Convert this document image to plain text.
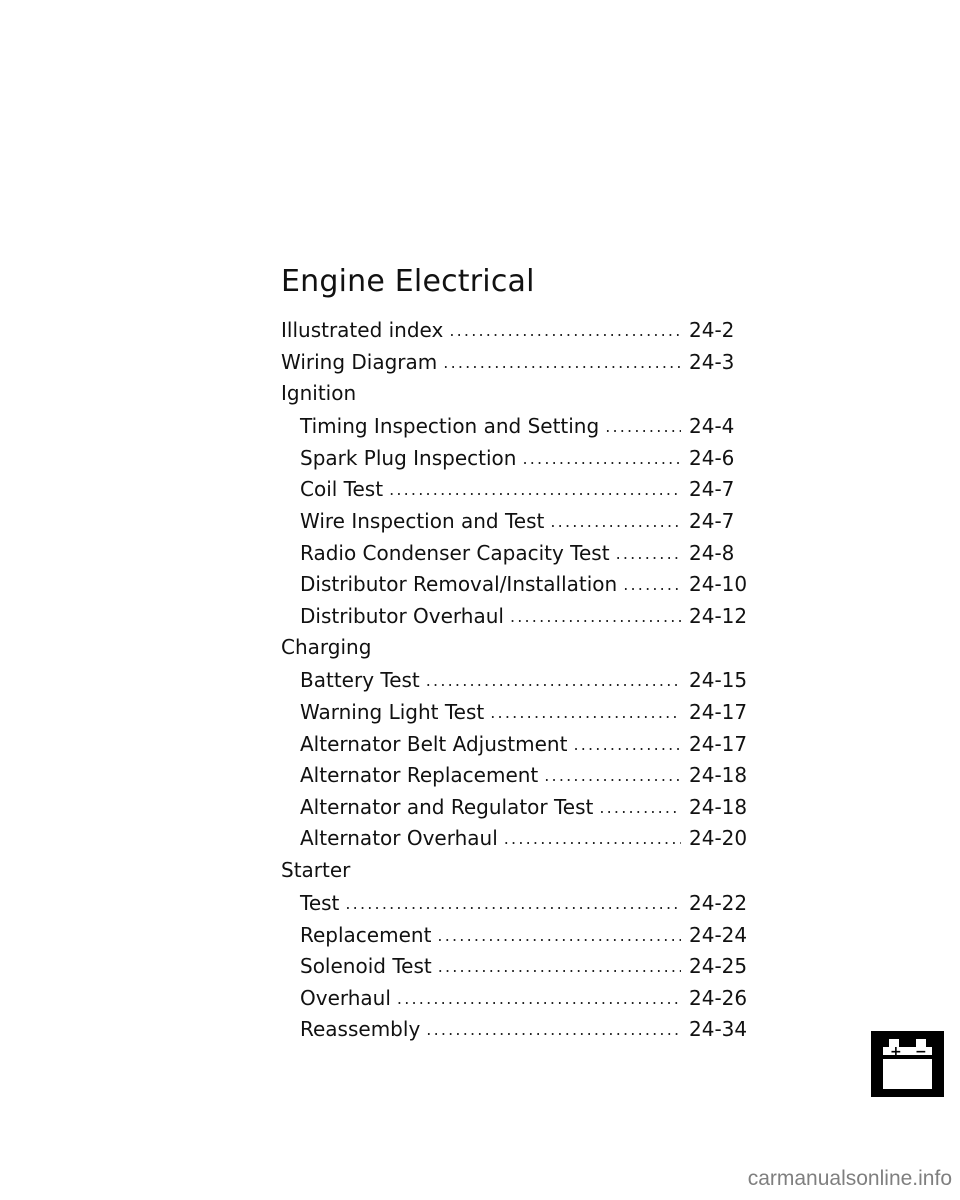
Engine Electrical
Illustrated index .....	24-2
Wiring Diagram .....	24-3
Ignition
Timing Inspection and Setting .....	24-4
Spark Plug Inspection .....	24-6
Coil Test .....	24-7
Wire Inspection and Test .....	24-7
Radio Condenser Capacity Test .....	24-8
Distributor Removal/Installation .....	24-10
Distributor Overhaul .....	24-12
Charging
Battery Test .....	24-15
Warning Light Test .....	24-17
Alternator Belt Adjustment .....	24-17
Alternator Replacement .....	24-18
Alternator and Regulator Test .....	24-18
Alternator Overhaul .....	24-20
Starter
Test .....	24-22
Replacement .....	24-24
Solenoid Test .....	24-25
Overhaul .....	24-26
Reassembly .....	24-34
+ −
carmanualsonline.info
